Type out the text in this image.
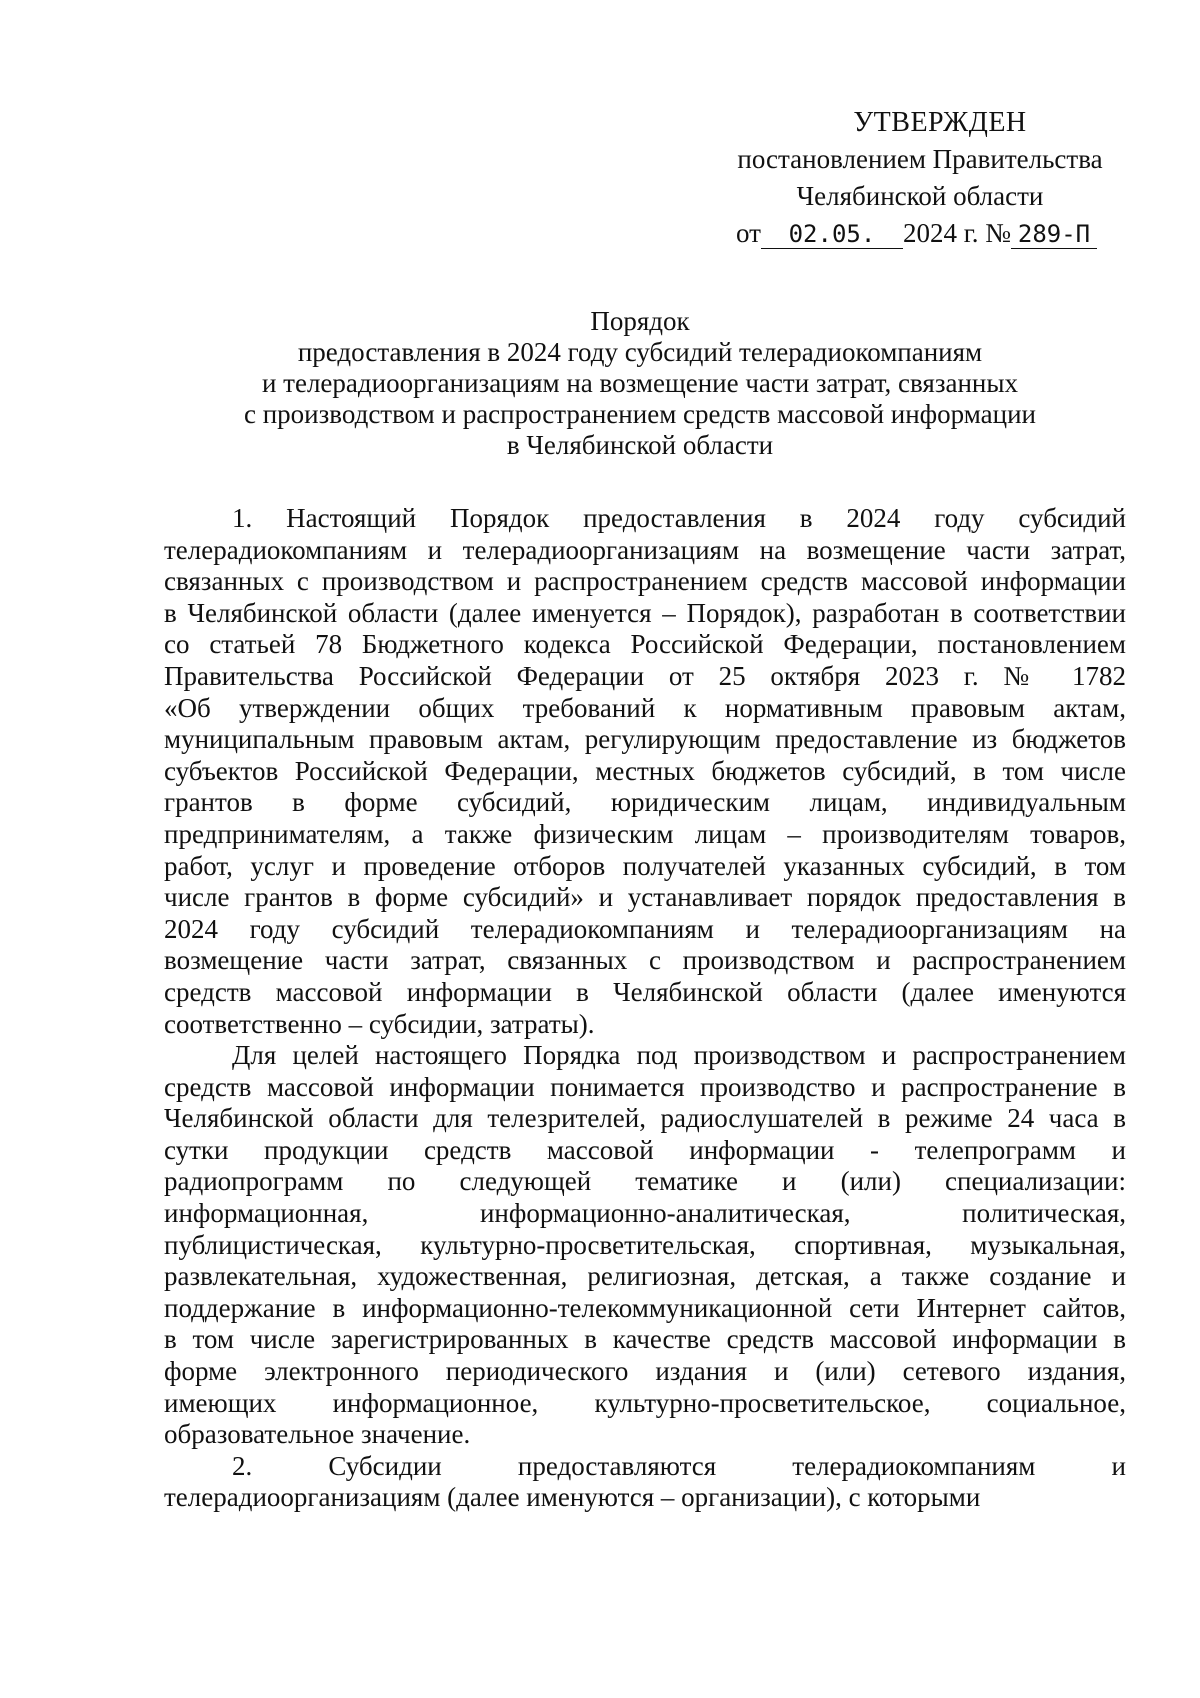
УТВЕРЖДЕН
постановлением Правительства
Челябинской области
от 02.05. 2024 г. № 289-П
Порядок
предоставления в 2024 году субсидий телерадиокомпаниям
и телерадиоорганизациям на возмещение части затрат, связанных
с производством и распространением средств массовой информации
в Челябинской области
1. Настоящий Порядок предоставления в 2024 году субсидий
телерадиокомпаниям и телерадиоорганизациям на возмещение части затрат,
связанных с производством и распространением средств массовой информации
в Челябинской области (далее именуется – Порядок), разработан в соответствии
со статьей 78 Бюджетного кодекса Российской Федерации, постановлением
Правительства Российской Федерации от 25 октября 2023 г. № 1782
«Об утверждении общих требований к нормативным правовым актам,
муниципальным правовым актам, регулирующим предоставление из бюджетов
субъектов Российской Федерации, местных бюджетов субсидий, в том числе
грантов в форме субсидий, юридическим лицам, индивидуальным
предпринимателям, а также физическим лицам – производителям товаров,
работ, услуг и проведение отборов получателей указанных субсидий, в том
числе грантов в форме субсидий» и устанавливает порядок предоставления в
2024 году субсидий телерадиокомпаниям и телерадиоорганизациям на
возмещение части затрат, связанных с производством и распространением
средств массовой информации в Челябинской области (далее именуются
соответственно – субсидии, затраты).
Для целей настоящего Порядка под производством и распространением
средств массовой информации понимается производство и распространение в
Челябинской области для телезрителей, радиослушателей в режиме 24 часа в
сутки продукции средств массовой информации - телепрограмм и
радиопрограмм по следующей тематике и (или) специализации:
информационная, информационно-аналитическая, политическая,
публицистическая, культурно-просветительская, спортивная, музыкальная,
развлекательная, художественная, религиозная, детская, а также создание и
поддержание в информационно-телекоммуникационной сети Интернет сайтов,
в том числе зарегистрированных в качестве средств массовой информации в
форме электронного периодического издания и (или) сетевого издания,
имеющих информационное, культурно-просветительское, социальное,
образовательное значение.
2. Субсидии предоставляются телерадиокомпаниям и
телерадиоорганизациям (далее именуются – организации), с которыми
